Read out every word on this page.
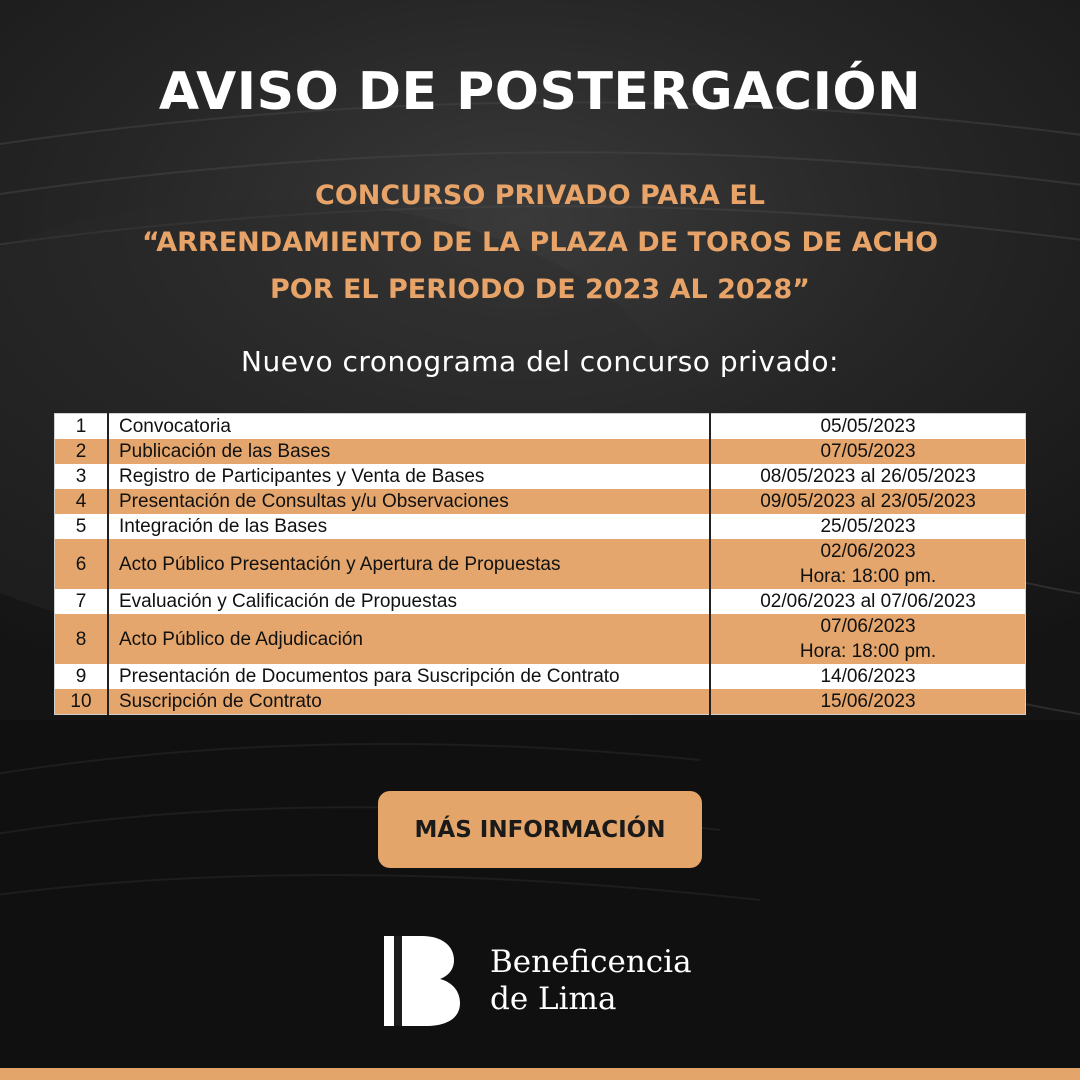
AVISO DE POSTERGACIÓN
CONCURSO PRIVADO PARA EL
“ARRENDAMIENTO DE LA PLAZA DE TOROS DE ACHO
POR EL PERIODO DE 2023 AL 2028”
Nuevo cronograma del concurso privado:
1	Convocatoria	05/05/2023

2	Publicación de las Bases	07/05/2023

3	Registro de Participantes y Venta de Bases	08/05/2023 al 26/05/2023

4	Presentación de Consultas y/u Observaciones	09/05/2023 al 23/05/2023

5	Integración de las Bases	25/05/2023

6	Acto Público Presentación y Apertura de Propuestas	02/06/2023
Hora: 18:00 pm.

7	Evaluación y Calificación de Propuestas	02/06/2023 al 07/06/2023

8	Acto Público de Adjudicación	07/06/2023
Hora: 18:00 pm.

9	Presentación de Documentos para Suscripción de Contrato	14/06/2023

10	Suscripción de Contrato	15/06/2023
MÁS INFORMACIÓN
Beneficencia
de Lima
